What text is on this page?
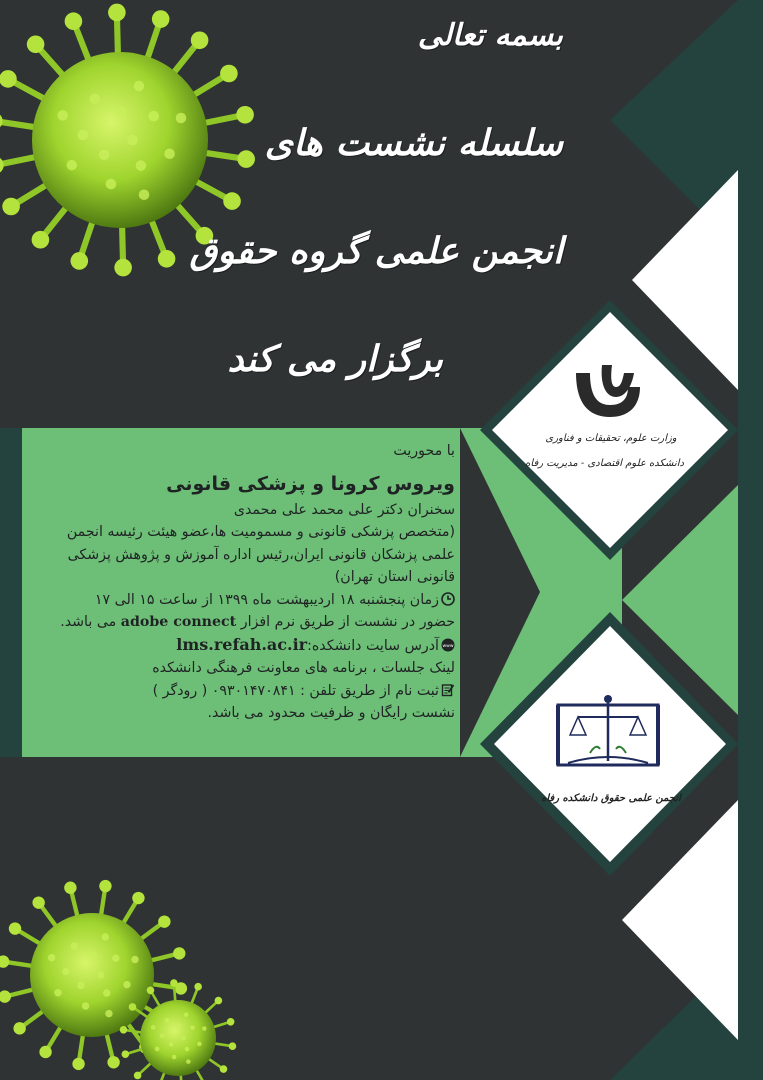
بسمه تعالی
سلسله نشست های
انجمن علمی گروه حقوق
برگزار می کند
با محوریت
ویروس کرونا و پزشکی قانونی
سخنران دکتر علی محمد علی محمدی
(متخصص پزشکی قانونی و مسمومیت ها،عضو هیئت رئیسه انجمن
علمی پزشکان قانونی ایران،رئیس اداره آموزش و پژوهش پزشکی
قانونی استان تهران)
زمان پنجشنبه ۱۸ اردیبهشت ماه ۱۳۹۹ از ساعت ۱۵ الی ۱۷
حضور در نشست از طریق نرم افزار adobe connect می باشد.
www
آدرس سایت دانشکده:lms.refah.ac.ir
لینک جلسات ، برنامه های معاونت فرهنگی دانشکده
ثبت نام از طریق تلفن : ۰۹۳۰۱۴۷۰۸۴۱ ( رودگر )
نشست رایگان و ظرفیت محدود می باشد.
وزارت علوم، تحقیقات و فناوری
دانشکده علوم اقتصادی - مدیریت رفاه
انجمن علمی حقوق دانشکده رفاه
